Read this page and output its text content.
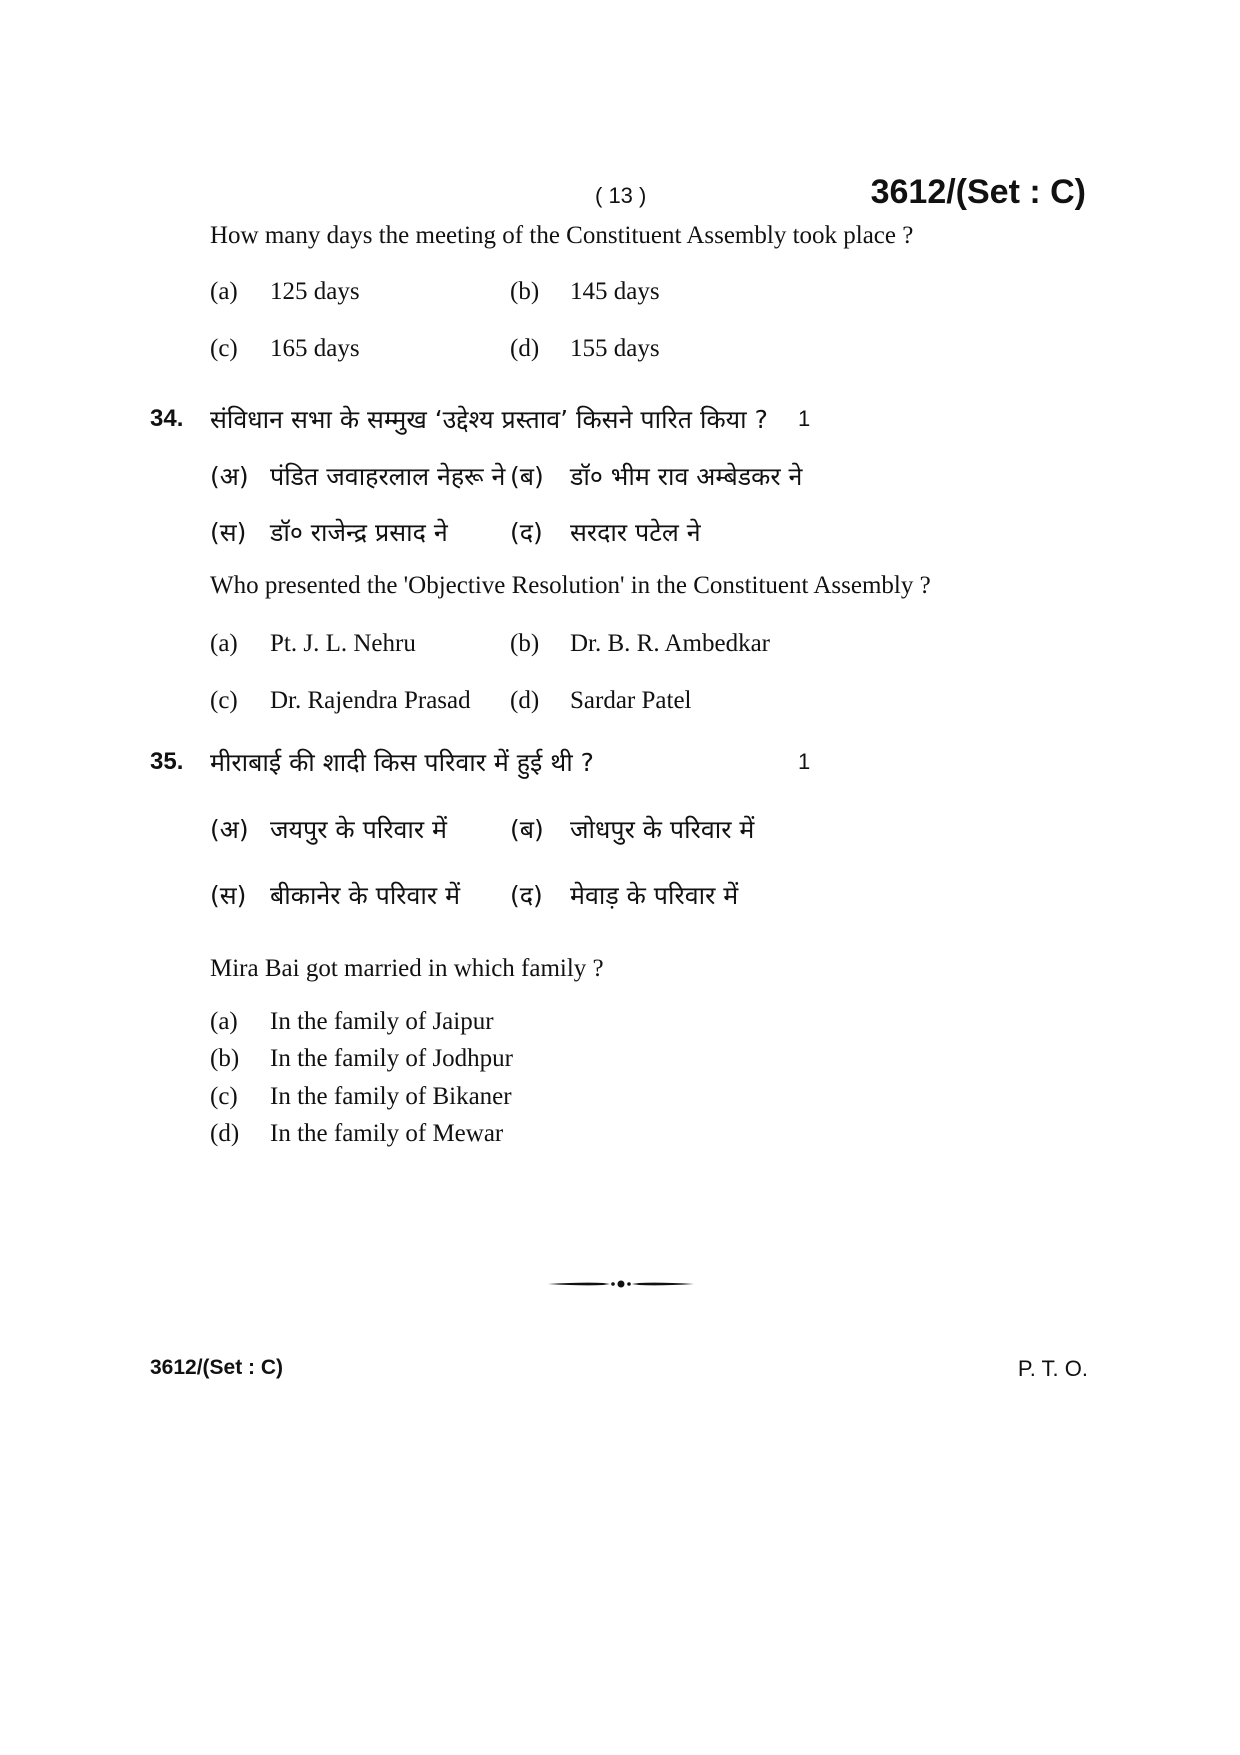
( 13 )	3612/(Set : C)
How many days the meeting of the Constituent Assembly took place ?
(a) 125 days	(b) 145 days
(c) 165 days	(d) 155 days
34. संविधान सभा के सम्मुख ‘उद्देश्य प्रस्ताव’ किसने पारित किया ? 1
(अ) पंडित जवाहरलाल नेहरू ने (ब) डॉ० भीम राव अम्बेडकर ने
(स) डॉ० राजेन्द्र प्रसाद ने (द) सरदार पटेल ने
Who presented the 'Objective Resolution' in the Constituent Assembly ?
(a) Pt. J. L. Nehru	(b) Dr. B. R. Ambedkar
(c) Dr. Rajendra Prasad (d) Sardar Patel
35. मीराबाई की शादी किस परिवार में हुई थी ?	1
(अ) जयपुर के परिवार में	(ब) जोधपुर के परिवार में
(स) बीकानेर के परिवार में (द) मेवाड़ के परिवार में
Mira Bai got married in which family ?
(a) In the family of Jaipur
(b) In the family of Jodhpur
(c) In the family of Bikaner
(d) In the family of Mewar
3612/(Set : C)	P. T. O.
